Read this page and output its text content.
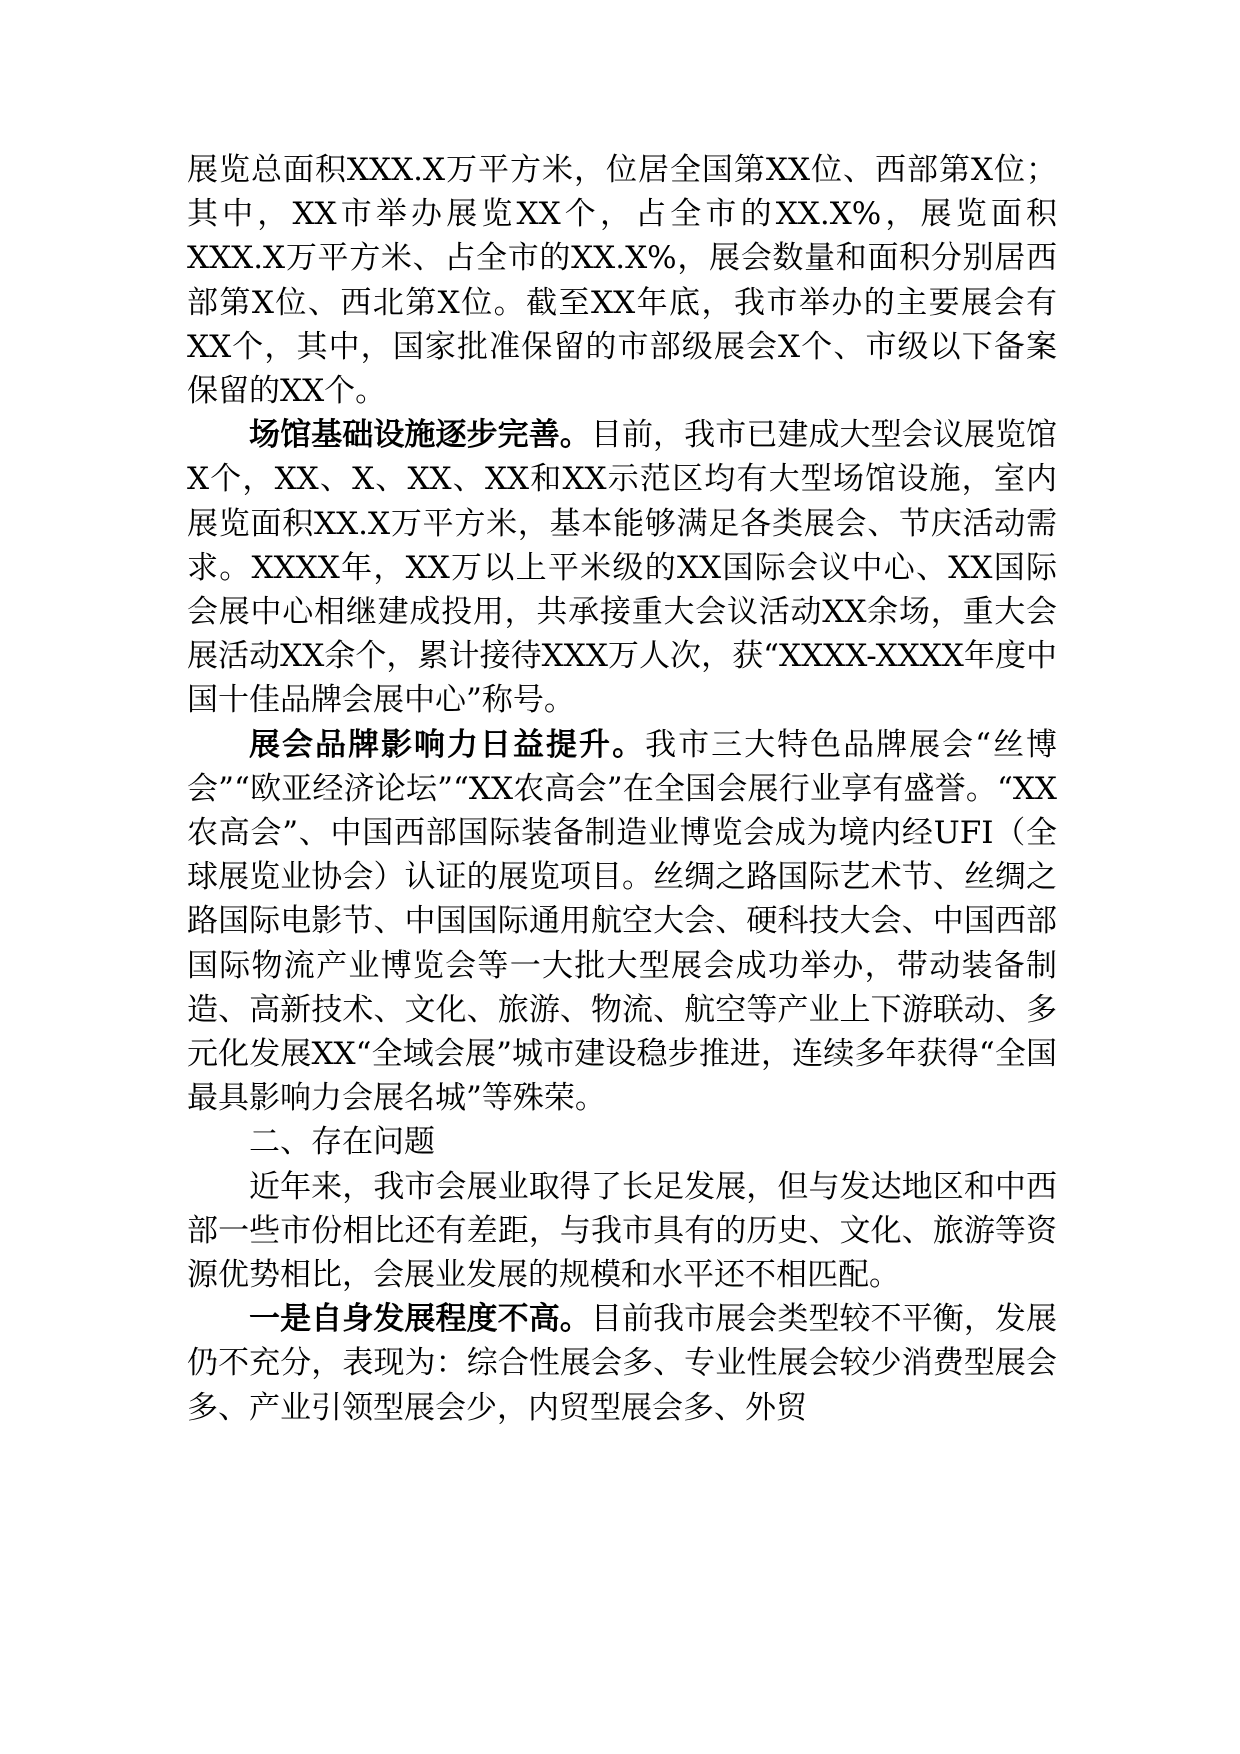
展览总面积XXX.X万平方米，位居全国第XX位、西部第X位；其中，XX市举办展览XX个，占全市的XX.X%，展览面积XXX.X万平方米、占全市的XX.X%，展会数量和面积分别居西部第X位、西北第X位。截至XX年底，我市举办的主要展会有XX个，其中，国家批准保留的市部级展会X个、市级以下备案保留的XX个。

场馆基础设施逐步完善。目前，我市已建成大型会议展览馆X个，XX、X、XX、XX和XX示范区均有大型场馆设施，室内展览面积XX.X万平方米，基本能够满足各类展会、节庆活动需求。XXXX年，XX万以上平米级的XX国际会议中心、XX国际会展中心相继建成投用，共承接重大会议活动XX余场，重大会展活动XX余个，累计接待XXX万人次，获“XXXX-XXXX年度中国十佳品牌会展中心”称号。

展会品牌影响力日益提升。我市三大特色品牌展会“丝博会”“欧亚经济论坛”“XX农高会”在全国会展行业享有盛誉。“XX农高会”、中国西部国际装备制造业博览会成为境内经UFI（全球展览业协会）认证的展览项目。丝绸之路国际艺术节、丝绸之路国际电影节、中国国际通用航空大会、硬科技大会、中国西部国际物流产业博览会等一大批大型展会成功举办，带动装备制造、高新技术、文化、旅游、物流、航空等产业上下游联动、多元化发展XX“全域会展”城市建设稳步推进，连续多年获得“全国最具影响力会展名城”等殊荣。

二、存在问题

近年来，我市会展业取得了长足发展，但与发达地区和中西部一些市份相比还有差距，与我市具有的历史、文化、旅游等资源优势相比，会展业发展的规模和水平还不相匹配。

一是自身发展程度不高。目前我市展会类型较不平衡，发展仍不充分，表现为：综合性展会多、专业性展会较少消费型展会多、产业引领型展会少，内贸型展会多、外贸
